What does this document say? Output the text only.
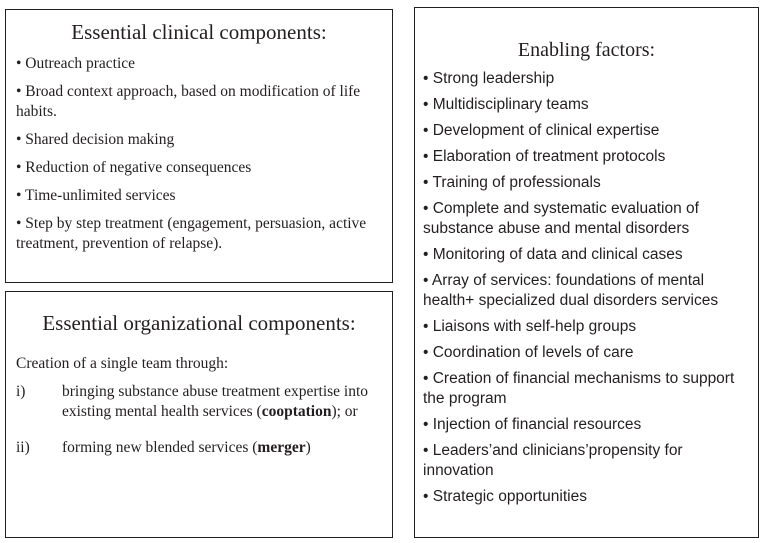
Essential clinical components:
• Outreach practice
• Broad context approach, based on modification of life habits.
• Shared decision making
• Reduction of negative consequences
• Time-unlimited services
• Step by step treatment (engagement, persuasion, active treatment, prevention of relapse).
Essential organizational components:
Creation of a single team through:
i)	bringing substance abuse treatment expertise into existing mental health services (cooptation); or
ii)	forming new blended services (merger)
Enabling factors:
• Strong leadership
• Multidisciplinary teams
• Development of clinical expertise
• Elaboration of treatment protocols
• Training of professionals
• Complete and systematic evaluation of substance abuse and mental disorders
• Monitoring of data and clinical cases
• Array of services: foundations of mental health+ specialized dual disorders services
• Liaisons with self-help groups
• Coordination of levels of care
• Creation of financial mechanisms to support the program
• Injection of financial resources
• Leaders’and clinicians’propensity for innovation
• Strategic opportunities
